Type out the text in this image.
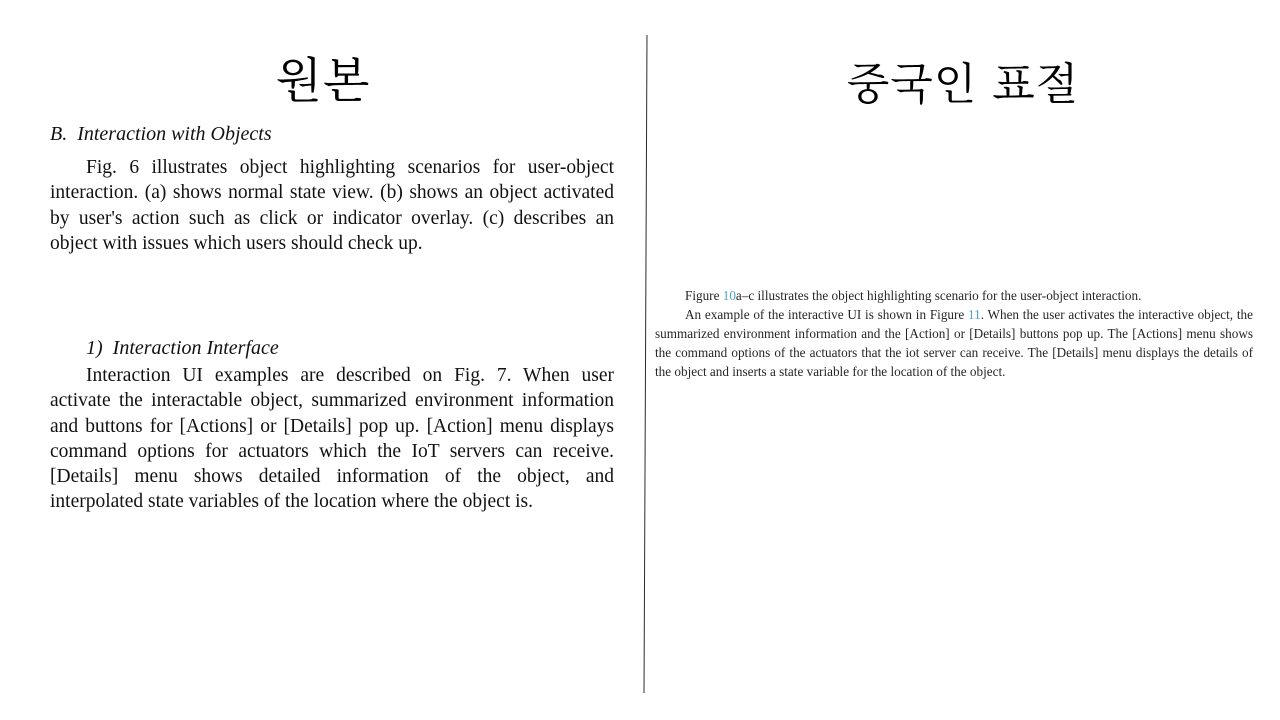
원본
B.  Interaction with Objects

Fig. 6 illustrates object highlighting scenarios for user-object interaction. (a) shows normal state view. (b) shows an object activated by user's action such as click or indicator overlay. (c) describes an object with issues which users should check up.

1)  Interaction Interface

Interaction UI examples are described on Fig. 7. When user activate the interactable object, summarized environment information and buttons for [Actions] or [Details] pop up. [Action] menu displays command options for actuators which the IoT servers can receive. [Details] menu shows detailed information of the object, and interpolated state variables of the location where the object is.

중국인 표절

Figure 10a–c illustrates the object highlighting scenario for the user-object interaction.

An example of the interactive UI is shown in Figure 11. When the user activates the interactive object, the summarized environment information and the [Action] or [Details] buttons pop up. The [Actions] menu shows the command options of the actuators that the iot server can receive. The [Details] menu displays the details of the object and inserts a state variable for the location of the object.
